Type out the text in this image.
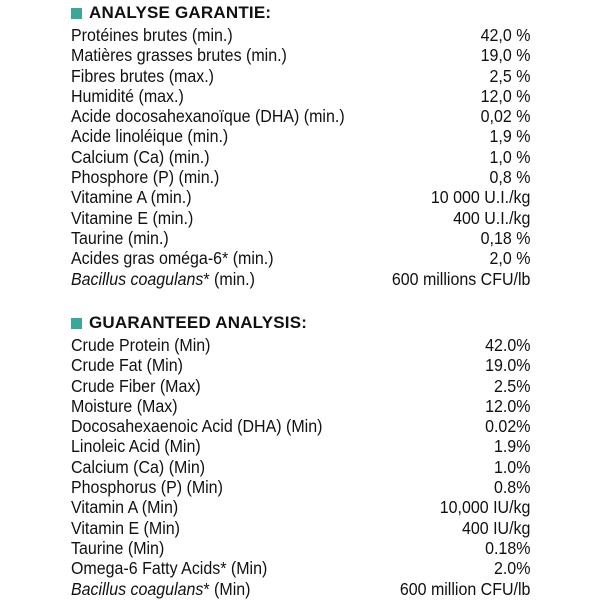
ANALYSE GARANTIE:
Protéines brutes (min.)	42,0 %
Matières grasses brutes (min.)	19,0 %
Fibres brutes (max.)	2,5 %
Humidité (max.)	12,0 %
Acide docosahexanoïque (DHA) (min.)	0,02 %
Acide linoléique (min.)	1,9 %
Calcium (Ca) (min.)	1,0 %
Phosphore (P) (min.)	0,8 %
Vitamine A (min.)	10 000 U.I./kg
Vitamine E (min.)	400 U.I./kg
Taurine (min.)	0,18 %
Acides gras oméga-6* (min.)	2,0 %
Bacillus coagulans* (min.)	600 millions CFU/lb
GUARANTEED ANALYSIS:
Crude Protein (Min)	42.0%
Crude Fat (Min)	19.0%
Crude Fiber (Max)	2.5%
Moisture (Max)	12.0%
Docosahexaenoic Acid (DHA) (Min)	0.02%
Linoleic Acid (Min)	1.9%
Calcium (Ca) (Min)	1.0%
Phosphorus (P) (Min)	0.8%
Vitamin A (Min)	10,000 IU/kg
Vitamin E (Min)	400 IU/kg
Taurine (Min)	0.18%
Omega-6 Fatty Acids* (Min)	2.0%
Bacillus coagulans* (Min)	600 million CFU/lb
